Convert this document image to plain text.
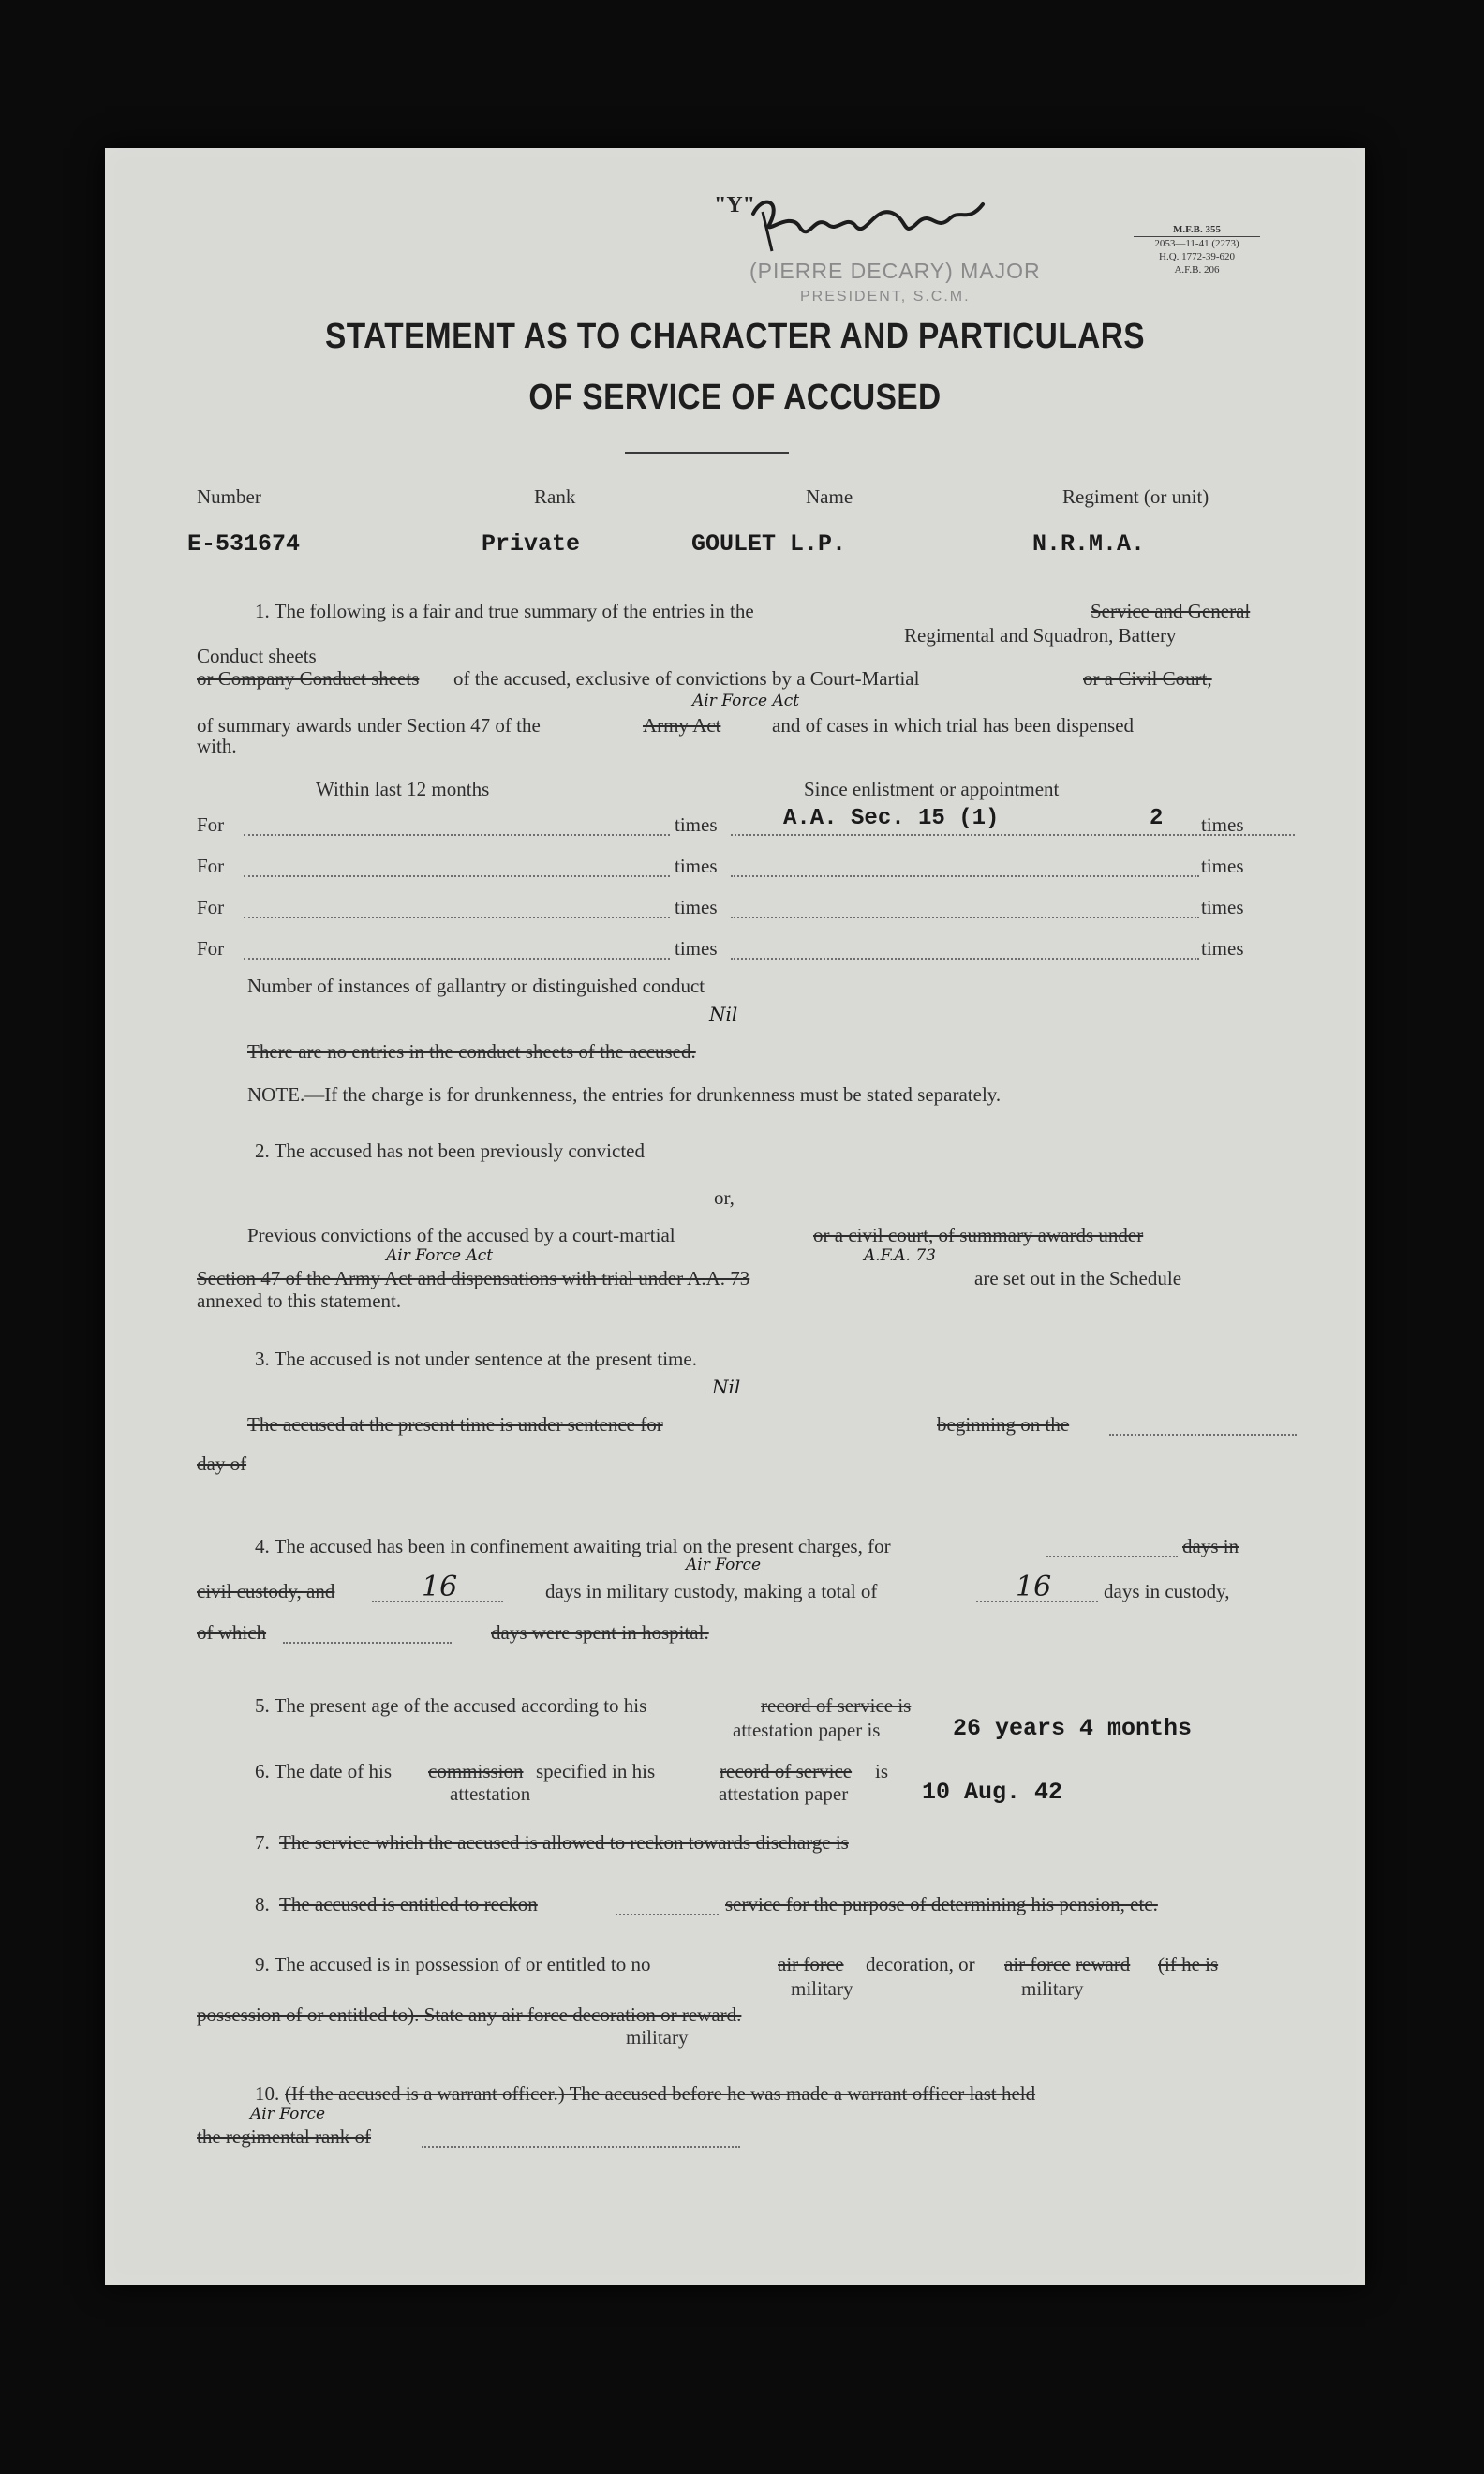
"Y"
(PIERRE DECARY) MAJOR
PRESIDENT, S.C.M.
M.F.B. 355
2053—11-41 (2273)
H.Q. 1772-39-620
A.F.B. 206
STATEMENT AS TO CHARACTER AND PARTICULARS
OF SERVICE OF ACCUSED
Number	Rank	Name	Regiment (or unit)
E-531674	Private	GOULET L.P.	N.R.M.A.
1. The following is a fair and true summary of the entries in the	Service and General
Regimental and Squadron, Battery
Conduct sheets
or Company Conduct sheets of the accused, exclusive of convictions by a Court-Martial	or a Civil Court,
Air Force Act
of summary awards under Section 47 of the	Army Act	and of cases in which trial has been dispensed
with.
Within last 12 months	Since enlistment or appointment
For	times	A.A. Sec. 15 (1)	2 times
For	times	times
For	times	times
For	times	times
Number of instances of gallantry or distinguished conduct
Nil
There are no entries in the conduct sheets of the accused.
NOTE.—If the charge is for drunkenness, the entries for drunkenness must be stated separately.
2. The accused has not been previously convicted
or,
Previous convictions of the accused by a court-martial	or a civil court, of summary awards under
Air Force Act	A.F.A. 73
Section 47 of the Army Act and dispensations with trial under A.A. 73	are set out in the Schedule
annexed to this statement.
3. The accused is not under sentence at the present time.
Nil
The accused at the present time is under sentence for	beginning on the
day of
4. The accused has been in confinement awaiting trial on the present charges, for	days in
Air Force
civil custody, and	16	days in military custody, making a total of	16	days in custody,
of which	days were spent in hospital.
5. The present age of the accused according to his	record of service is
attestation paper is	26 years 4 months
6. The date of his commission specified in his	record of service is
attestation	attestation paper	10 Aug. 42
7. The service which the accused is allowed to reckon towards discharge is
8. The accused is entitled to reckon	service for the purpose of determining his pension, etc.
9. The accused is in possession of or entitled to no	air force decoration, or air force reward (if he is
military	military
possession of or entitled to). State any air force decoration or reward.
military
10. (If the accused is a warrant officer.) The accused before he was made a warrant officer last held
Air Force
the regimental rank of
